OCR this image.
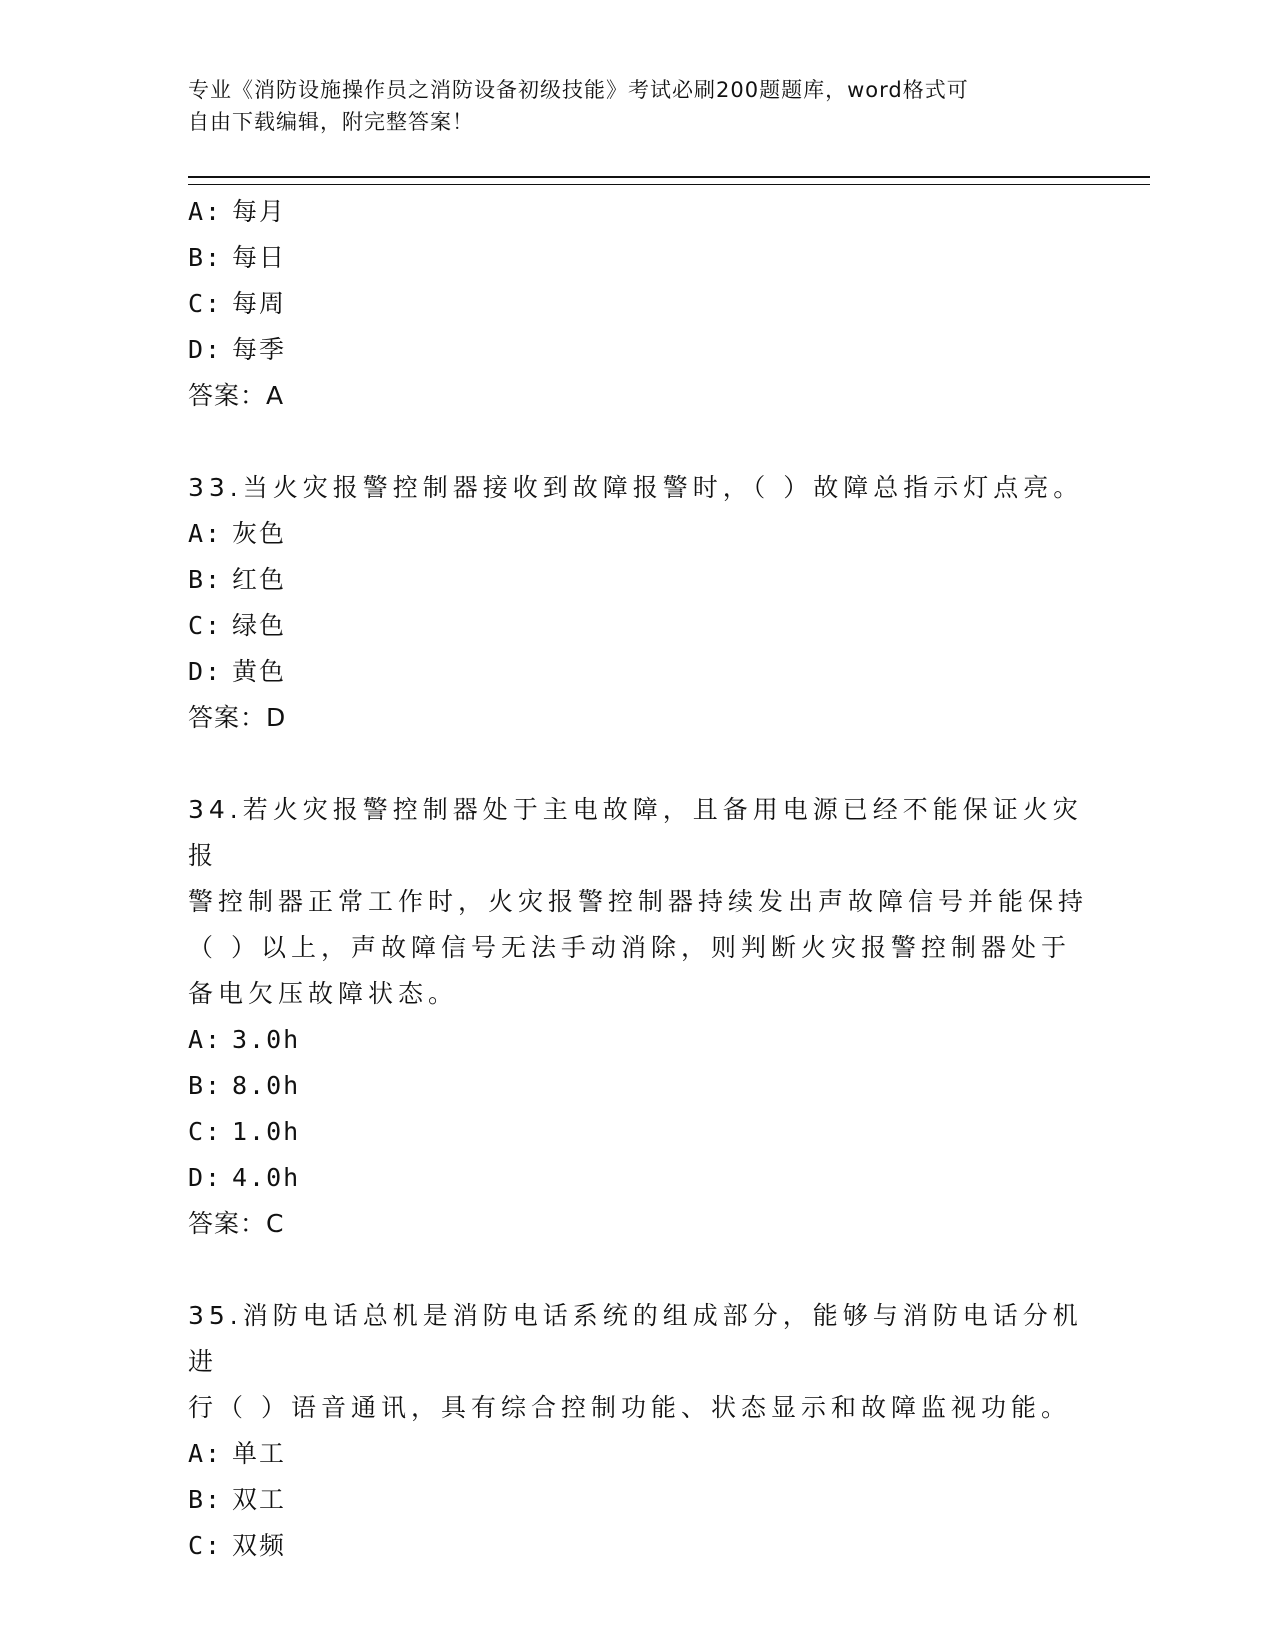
专业《消防设施操作员之消防设备初级技能》考试必刷200题题库，word格式可
自由下载编辑，附完整答案！
A: 每月
B: 每日
C: 每周
D: 每季
答案：A
33.当火灾报警控制器接收到故障报警时，（ ）故障总指示灯点亮。
A: 灰色
B: 红色
C: 绿色
D: 黄色
答案：D
34.若火灾报警控制器处于主电故障，且备用电源已经不能保证火灾报
警控制器正常工作时，火灾报警控制器持续发出声故障信号并能保持
（ ）以上，声故障信号无法手动消除，则判断火灾报警控制器处于
备电欠压故障状态。
A: 3.0h
B: 8.0h
C: 1.0h
D: 4.0h
答案：C
35.消防电话总机是消防电话系统的组成部分，能够与消防电话分机进
行（ ）语音通讯，具有综合控制功能、状态显示和故障监视功能。
A: 单工
B: 双工
C: 双频
